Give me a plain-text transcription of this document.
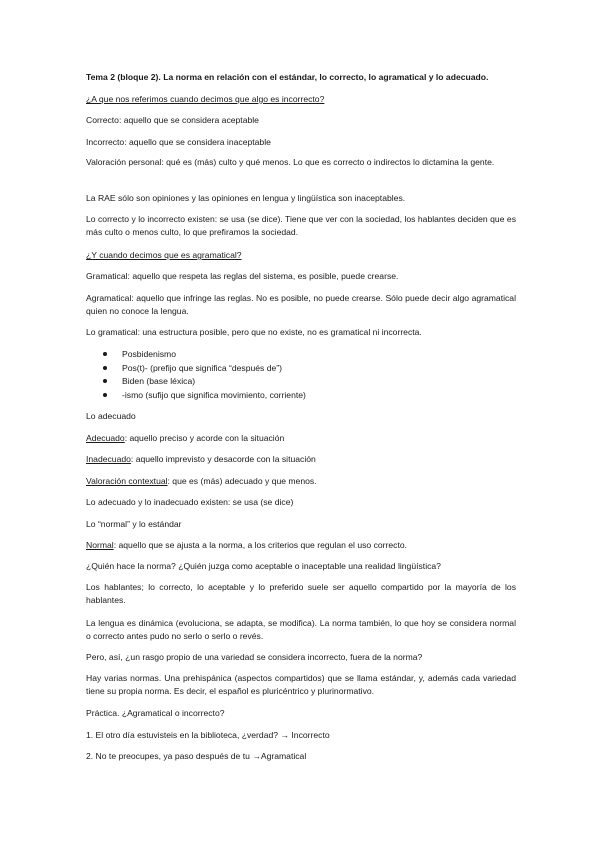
Tema 2 (bloque 2). La norma en relación con el estándar, lo correcto, lo agramatical y lo adecuado.

¿A que nos referimos cuando decimos que algo es incorrecto?

Correcto: aquello que se considera aceptable

Incorrecto: aquello que se considera inaceptable

Valoración personal: qué es (más) culto y qué menos. Lo que es correcto o indirectos lo dictamina la gente.

La RAE sólo son opiniones y las opiniones en lengua y lingüística son inaceptables.

Lo correcto y lo incorrecto existen: se usa (se dice). Tiene que ver con la sociedad, los hablantes deciden que es más culto o menos culto, lo que prefiramos la sociedad.

¿Y cuando decimos que es agramatical?

Gramatical: aquello que respeta las reglas del sistema, es posible, puede crearse.

Agramatical: aquello que infringe las reglas. No es posible, no puede crearse. Sólo puede decir algo agramatical quien no conoce la lengua.

Lo gramatical: una estructura posible, pero que no existe, no es gramatical ni incorrecta.

Posbidenismo
Pos(t)- (prefijo que significa “después de”)
Biden (base léxica)
-ismo (sufijo que significa movimiento, corriente)

Lo adecuado

Adecuado: aquello preciso y acorde con la situación

Inadecuado: aquello imprevisto y desacorde con la situación

Valoración contextual: que es (más) adecuado y que menos.

Lo adecuado y lo inadecuado existen: se usa (se dice)

Lo “normal” y lo estándar

Normal: aquello que se ajusta a la norma, a los criterios que regulan el uso correcto.

¿Quién hace la norma? ¿Quién juzga como aceptable o inaceptable una realidad lingüística?

Los hablantes; lo correcto, lo aceptable y lo preferido suele ser aquello compartido por la mayoría de los hablantes.

La lengua es dinámica (evoluciona, se adapta, se modifica). La norma también, lo que hoy se considera normal o correcto antes pudo no serlo o serlo o revés.

Pero, así, ¿un rasgo propio de una variedad se considera incorrecto, fuera de la norma?

Hay varias normas. Una prehispánica (aspectos compartidos) que se llama estándar, y, además cada variedad tiene su propia norma. Es decir, el español es pluricéntrico y plurinormativo.

Práctica. ¿Agramatical o incorrecto?

1. El otro día estuvisteis en la biblioteca, ¿verdad? → Incorrecto

2. No te preocupes, ya paso después de tu →Agramatical
